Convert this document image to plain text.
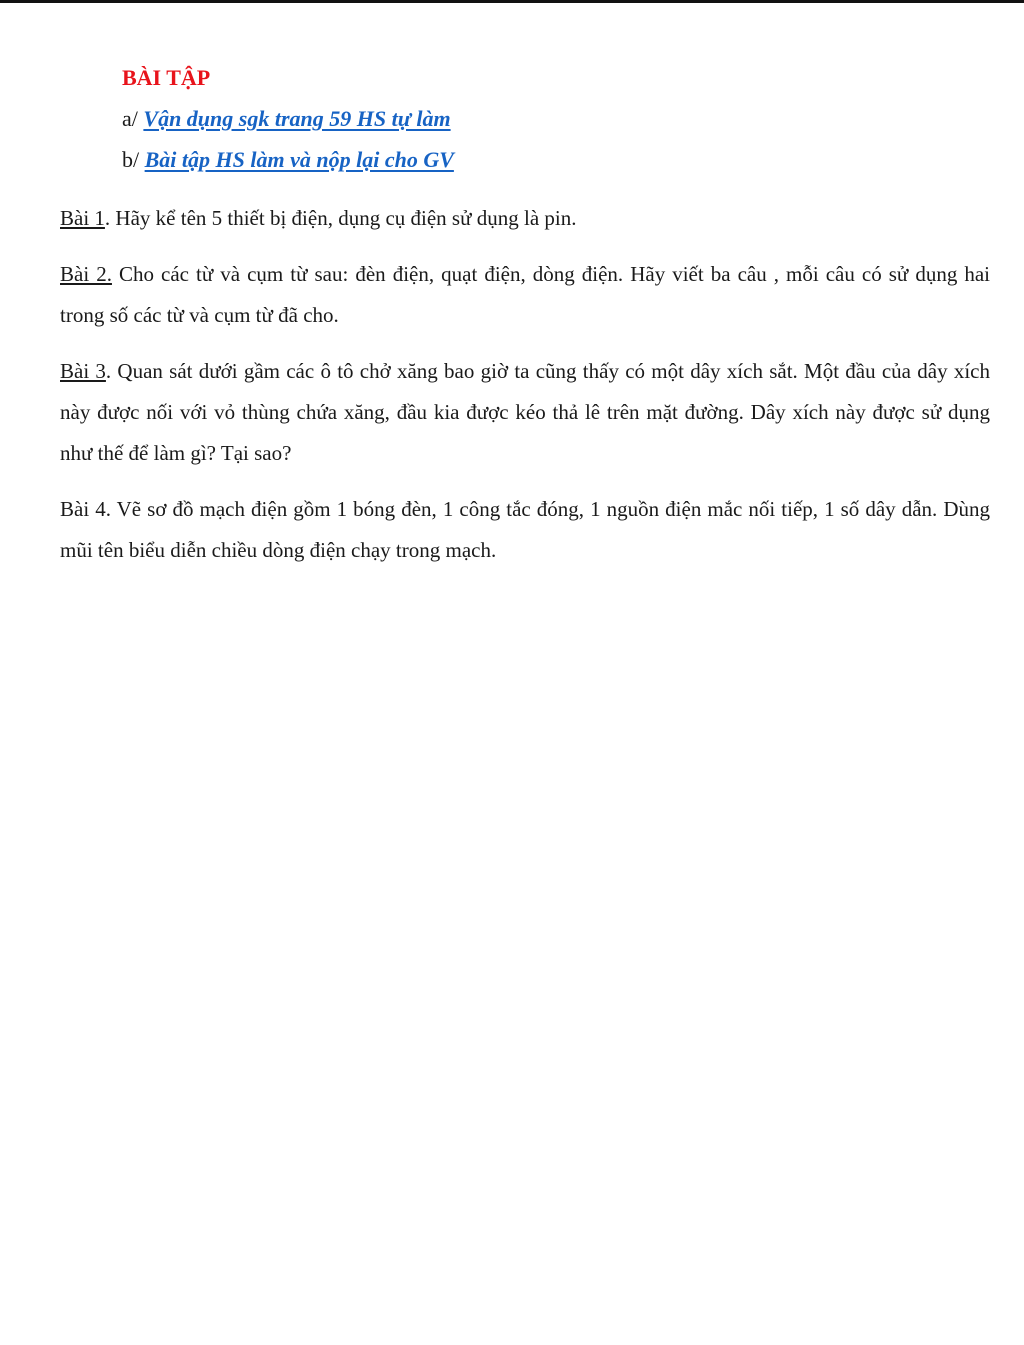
BÀI TẬP
a/ Vận dụng sgk trang 59 HS tự làm
b/ Bài tập HS làm và nộp lại cho GV

Bài 1. Hãy kể tên 5 thiết bị điện, dụng cụ điện sử dụng là pin.

Bài 2. Cho các từ và cụm từ sau: đèn điện, quạt điện, dòng điện. Hãy viết ba câu , mỗi câu có sử dụng hai trong số các từ và cụm từ đã cho.

Bài 3. Quan sát dưới gầm các ô tô chở xăng bao giờ ta cũng thấy có một dây xích sắt. Một đầu của dây xích này được nối với vỏ thùng chứa xăng, đầu kia được kéo thả lê trên mặt đường. Dây xích này được sử dụng như thế để làm gì? Tại sao?

Bài 4. Vẽ sơ đồ mạch điện gồm 1 bóng đèn, 1 công tắc đóng, 1 nguồn điện mắc nối tiếp, 1 số dây dẫn. Dùng mũi tên biểu diễn chiều dòng điện chạy trong mạch.
